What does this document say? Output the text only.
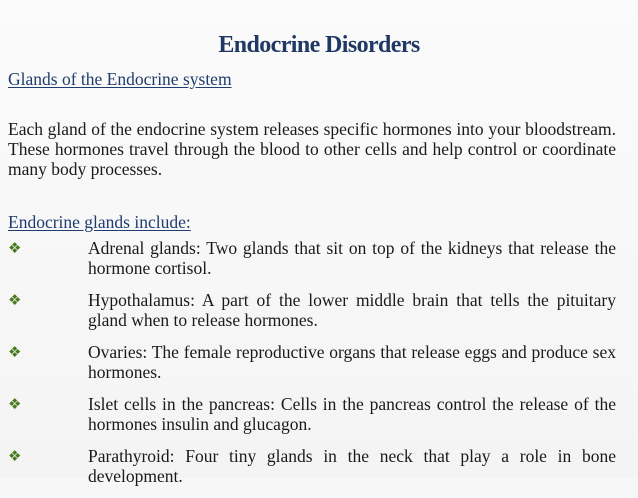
Endocrine Disorders
Glands of the Endocrine system
Each gland of the endocrine system releases specific hormones into your bloodstream. These hormones travel through the blood to other cells and help control or coordinate many body processes.
Endocrine glands include:
❖	Adrenal glands: Two glands that sit on top of the kidneys that release the hormone cortisol.
❖	Hypothalamus: A part of the lower middle brain that tells the pituitary gland when to release hormones.
❖	Ovaries: The female reproductive organs that release eggs and produce sex hormones.
❖	Islet cells in the pancreas: Cells in the pancreas control the release of the hormones insulin and glucagon.
❖	Parathyroid: Four tiny glands in the neck that play a role in bone development.
